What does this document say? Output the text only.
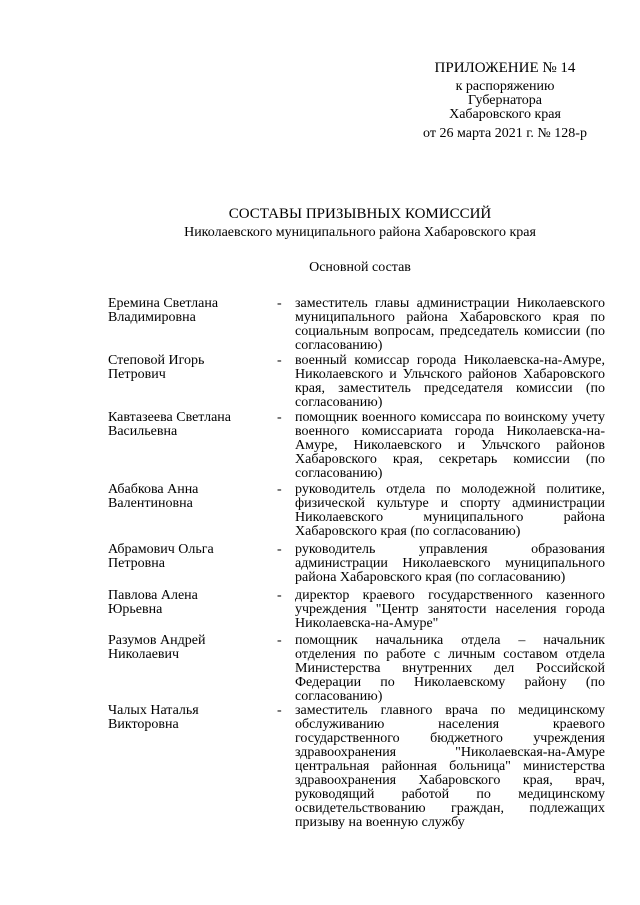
ПРИЛОЖЕНИЕ № 14
к распоряжению
Губернатора
Хабаровского края
от 26 марта 2021 г. № 128-р
СОСТАВЫ ПРИЗЫВНЫХ КОМИССИЙ
Николаевского муниципального района Хабаровского края
Основной состав
Еремина Светлана
Владимировна
- заместитель главы администрации Николаевского муниципального района Хабаровского края по социальным вопросам, председатель комиссии (по согласованию)
Степовой Игорь
Петрович
- военный комиссар города Николаевска-на-Амуре, Николаевского и Ульчского районов Хабаровского края, заместитель председателя комиссии (по согласованию)
Кавтазеева Светлана
Васильевна
- помощник военного комиссара по воинскому учету военного комиссариата города Николаевска-на-Амуре, Николаевского и Ульчского районов Хабаровского края, секретарь комиссии (по согласованию)
Абабкова Анна
Валентиновна
- руководитель отдела по молодежной политике, физической культуре и спорту администрации Николаевского муниципального района Хабаровского края (по согласованию)
Абрамович Ольга
Петровна
- руководитель управления образования администрации Николаевского муниципального района Хабаровского края (по согласованию)
Павлова Алена
Юрьевна
- директор краевого государственного казенного учреждения "Центр занятости населения города Николаевска-на-Амуре"
Разумов Андрей
Николаевич
- помощник начальника отдела – начальник отделения по работе с личным составом отдела Министерства внутренних дел Российской Федерации по Николаевскому району (по согласованию)
Чалых Наталья
Викторовна
- заместитель главного врача по медицинскому обслуживанию населения краевого государственного бюджетного учреждения здравоохранения "Николаевская-на-Амуре центральная районная больница" министерства здравоохранения Хабаровского края, врач, руководящий работой по медицинскому освидетельствованию граждан, подлежащих призыву на военную службу
